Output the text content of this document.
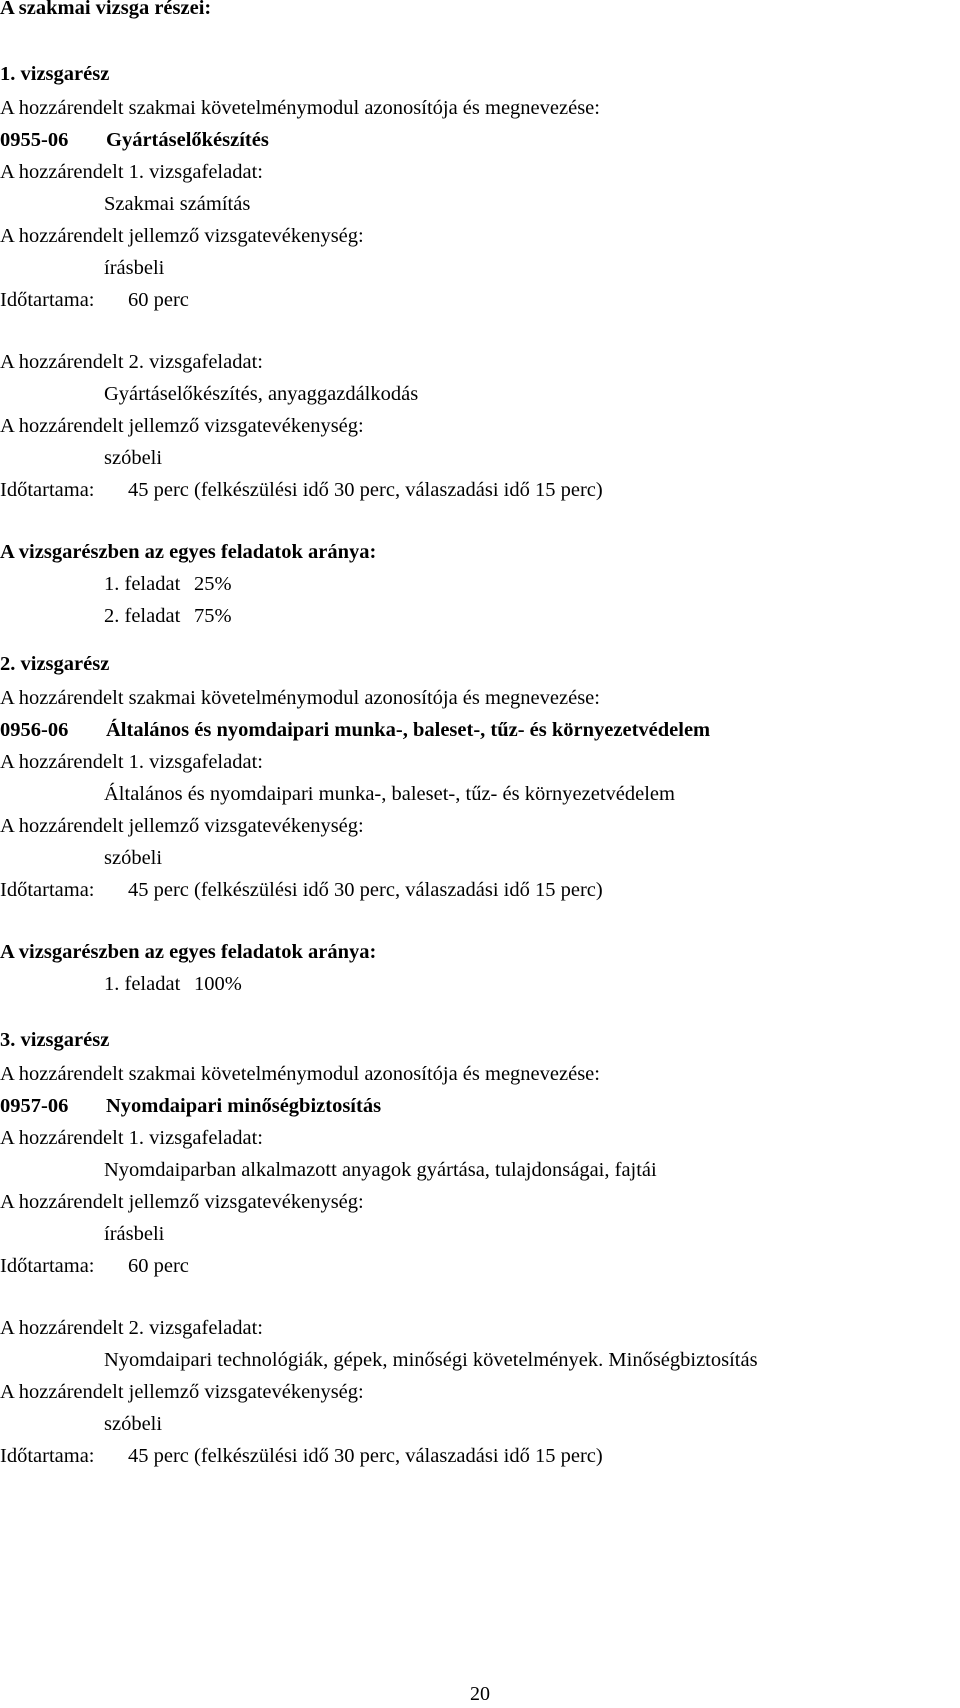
A szakmai vizsga részei:
1. vizsgarész
A hozzárendelt szakmai követelménymodul azonosítója és megnevezése:
0955-06 Gyártáselőkészítés
A hozzárendelt 1. vizsgafeladat:
Szakmai számítás
A hozzárendelt jellemző vizsgatevékenység:
írásbeli
Időtartama: 60 perc
A hozzárendelt 2. vizsgafeladat:
Gyártáselőkészítés, anyaggazdálkodás
A hozzárendelt jellemző vizsgatevékenység:
szóbeli
Időtartama: 45 perc (felkészülési idő 30 perc, válaszadási idő 15 perc)
A vizsgarészben az egyes feladatok aránya:
1. feladat 25%
2. feladat 75%
2. vizsgarész
A hozzárendelt szakmai követelménymodul azonosítója és megnevezése:
0956-06 Általános és nyomdaipari munka-, baleset-, tűz- és környezetvédelem
A hozzárendelt 1. vizsgafeladat:
Általános és nyomdaipari munka-, baleset-, tűz- és környezetvédelem
A hozzárendelt jellemző vizsgatevékenység:
szóbeli
Időtartama: 45 perc (felkészülési idő 30 perc, válaszadási idő 15 perc)
A vizsgarészben az egyes feladatok aránya:
1. feladat 100%
3. vizsgarész
A hozzárendelt szakmai követelménymodul azonosítója és megnevezése:
0957-06 Nyomdaipari minőségbiztosítás
A hozzárendelt 1. vizsgafeladat:
Nyomdaiparban alkalmazott anyagok gyártása, tulajdonságai, fajtái
A hozzárendelt jellemző vizsgatevékenység:
írásbeli
Időtartama: 60 perc
A hozzárendelt 2. vizsgafeladat:
Nyomdaipari technológiák, gépek, minőségi követelmények. Minőségbiztosítás
A hozzárendelt jellemző vizsgatevékenység:
szóbeli
Időtartama: 45 perc (felkészülési idő 30 perc, válaszadási idő 15 perc)
20
